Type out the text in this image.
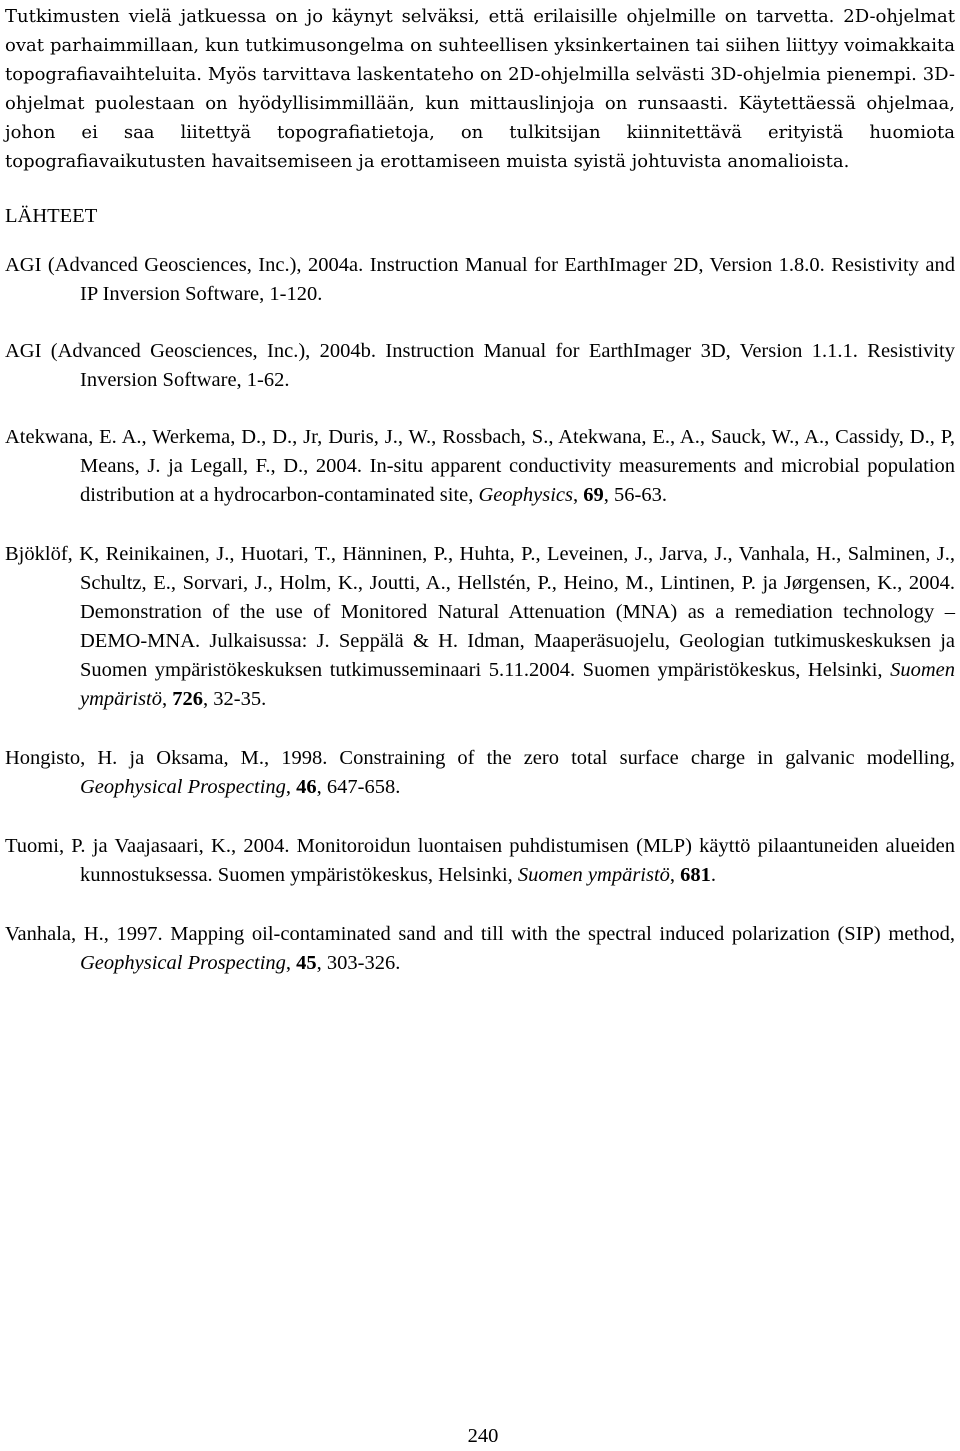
Tutkimusten vielä jatkuessa on jo käynyt selväksi, että erilaisille ohjelmille on tarvetta. 2D-ohjelmat ovat parhaimmillaan, kun tutkimusongelma on suhteellisen yksinkertainen tai siihen liittyy voimakkaita topografiavaihteluita. Myös tarvittava laskentateho on 2D-ohjelmilla selvästi 3D-ohjelmia pienempi. 3D-ohjelmat puolestaan on hyödyllisimmillään, kun mittauslinjoja on runsaasti. Käytettäessä ohjelmaa, johon ei saa liitettyä topografiatietoja, on tulkitsijan kiinnitettävä erityistä huomiota topografiavaikutusten havaitsemiseen ja erottamiseen muista syistä johtuvista anomalioista.

LÄHTEET

AGI (Advanced Geosciences, Inc.), 2004a. Instruction Manual for EarthImager 2D, Version 1.8.0. Resistivity and IP Inversion Software, 1-120.

AGI (Advanced Geosciences, Inc.), 2004b. Instruction Manual for EarthImager 3D, Version 1.1.1. Resistivity Inversion Software, 1-62.

Atekwana, E. A., Werkema, D., D., Jr, Duris, J., W., Rossbach, S., Atekwana, E., A., Sauck, W., A., Cassidy, D., P, Means, J. ja Legall, F., D., 2004. In-situ apparent conductivity measurements and microbial population distribution at a hydrocarbon-contaminated site, Geophysics, 69, 56-63.

Bjöklöf, K, Reinikainen, J., Huotari, T., Hänninen, P., Huhta, P., Leveinen, J., Jarva, J., Vanhala, H., Salminen, J., Schultz, E., Sorvari, J., Holm, K., Joutti, A., Hellstén, P., Heino, M., Lintinen, P. ja Jørgensen, K., 2004. Demonstration of the use of Monitored Natural Attenuation (MNA) as a remediation technology – DEMO-MNA. Julkaisussa: J. Seppälä & H. Idman, Maaperäsuojelu, Geologian tutkimuskeskuksen ja Suomen ympäristökeskuksen tutkimusseminaari 5.11.2004. Suomen ympäristökeskus, Helsinki, Suomen ympäristö, 726, 32-35.

Hongisto, H. ja Oksama, M., 1998. Constraining of the zero total surface charge in galvanic modelling, Geophysical Prospecting, 46, 647-658.

Tuomi, P. ja Vaajasaari, K., 2004. Monitoroidun luontaisen puhdistumisen (MLP) käyttö pilaantuneiden alueiden kunnostuksessa. Suomen ympäristökeskus, Helsinki, Suomen ympäristö, 681.

Vanhala, H., 1997. Mapping oil-contaminated sand and till with the spectral induced polarization (SIP) method, Geophysical Prospecting, 45, 303-326.

240
